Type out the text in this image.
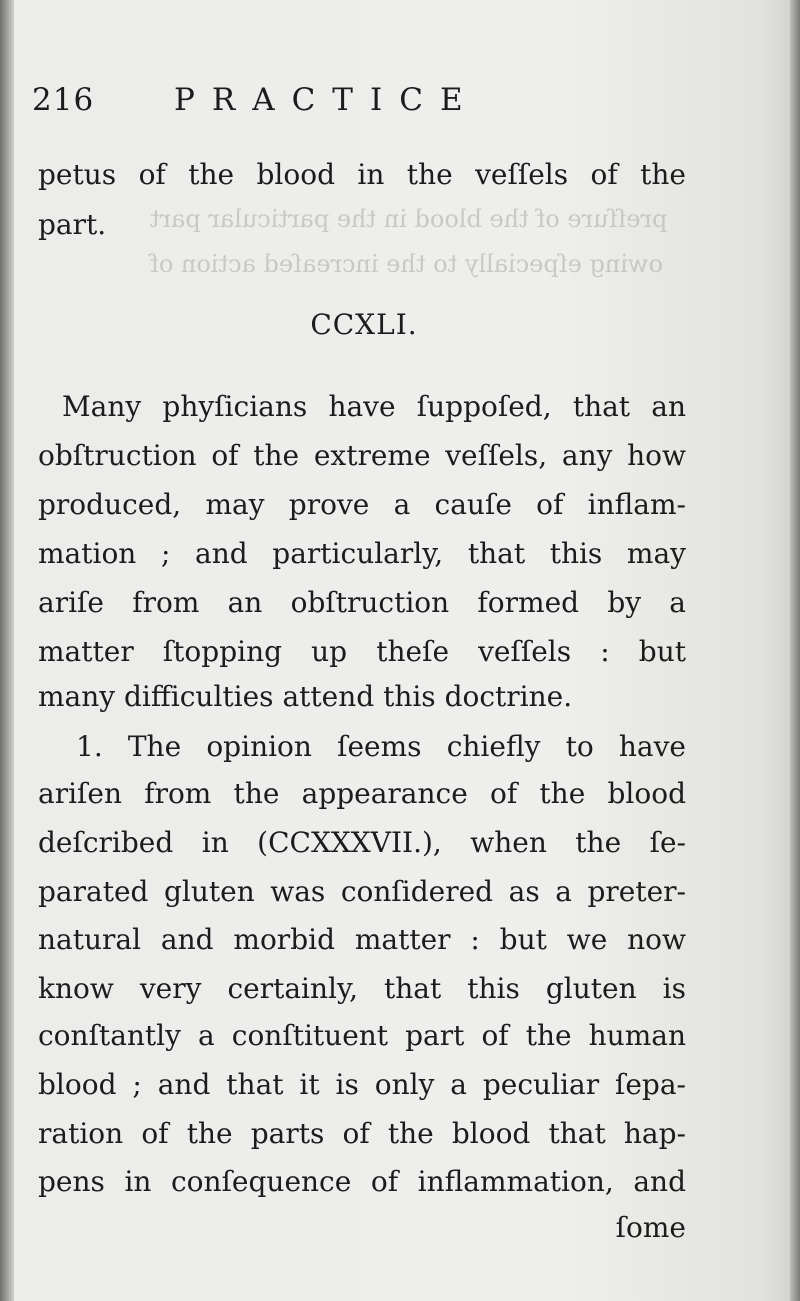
preſſure of the blood in the particular part
owing eſpecially to the increaſed action of
216	PRACTICE

petus of the blood in the veſſels of the

part.

CCXLI.

Many phyſicians have ſuppoſed, that an

obſtruction of the extreme veſſels, any how

produced, may prove a cauſe of inflam-

mation ; and particularly, that this may

ariſe from an obſtruction formed by a

matter ſtopping up theſe veſſels : but

many difficulties attend this doctrine.

1. The opinion ſeems chiefly to have

ariſen from the appearance of the blood

deſcribed in (CCXXXVII.), when the ſe-

parated gluten was conſidered as a preter-

natural and morbid matter : but we now

know very certainly, that this gluten is

conſtantly a conſtituent part of the human

blood ; and that it is only a peculiar ſepa-

ration of the parts of the blood that hap-

pens in conſequence of inflammation, and

ſome
